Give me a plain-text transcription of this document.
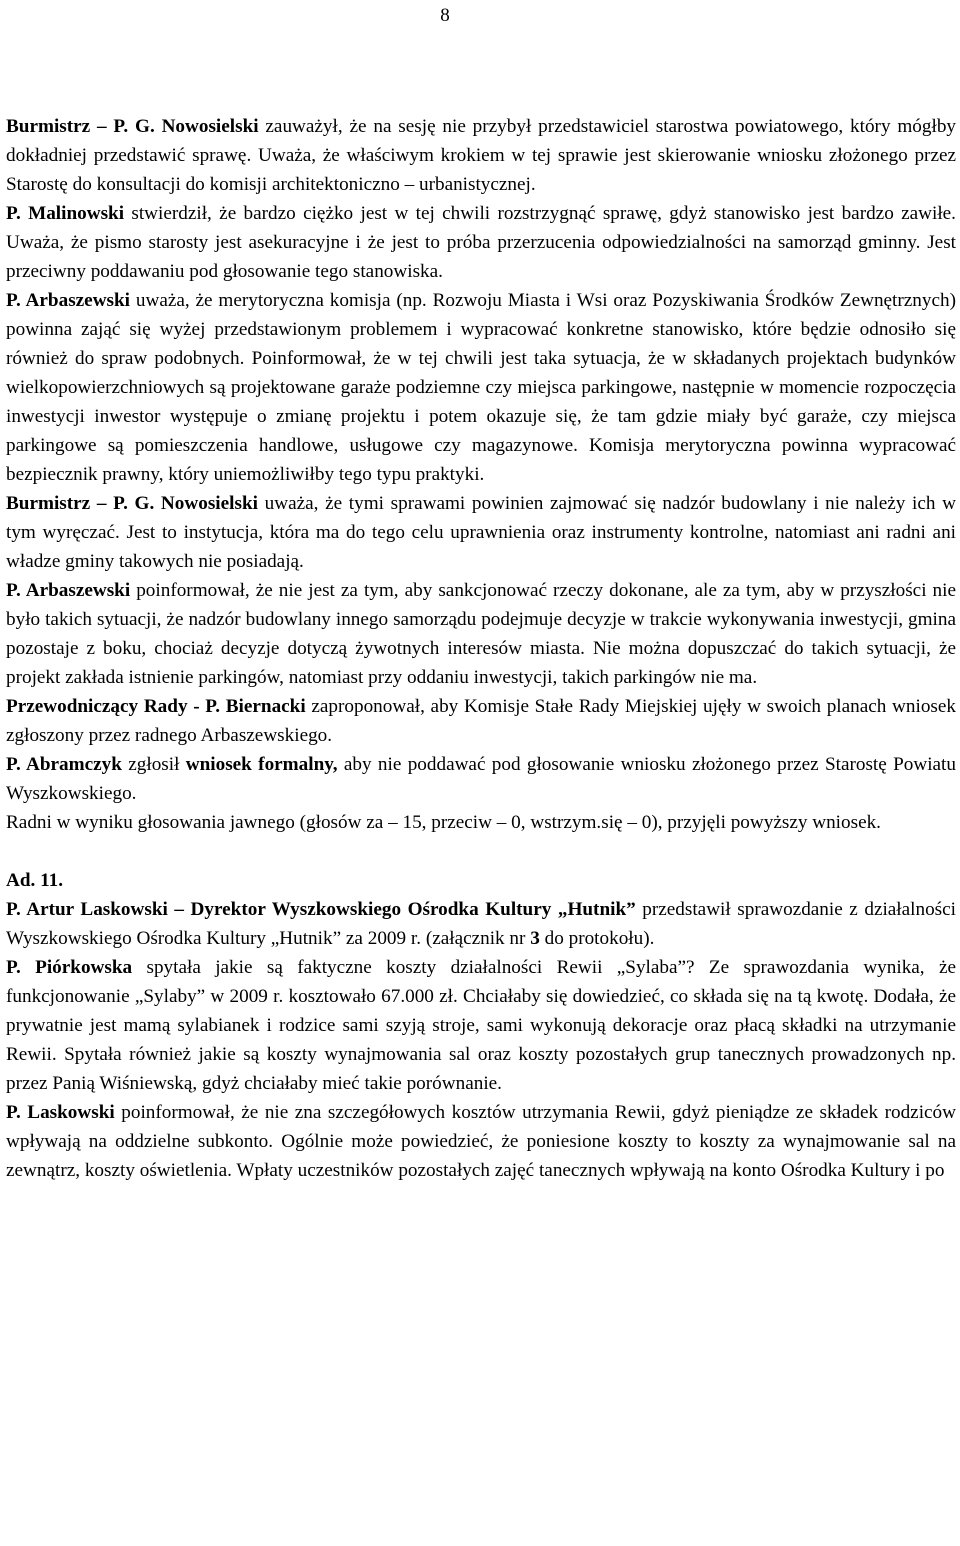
8

Burmistrz – P. G. Nowosielski zauważył, że na sesję nie przybył przedstawiciel starostwa powiatowego, który mógłby dokładniej przedstawić sprawę. Uważa, że właściwym krokiem w tej sprawie jest skierowanie wniosku złożonego przez Starostę do konsultacji do komisji architektoniczno – urbanistycznej.

P. Malinowski stwierdził, że bardzo ciężko jest w tej chwili rozstrzygnąć sprawę, gdyż stanowisko jest bardzo zawiłe. Uważa, że pismo starosty jest asekuracyjne i że jest to próba przerzucenia odpowiedzialności na samorząd gminny. Jest przeciwny poddawaniu pod głosowanie tego stanowiska.

P. Arbaszewski uważa, że merytoryczna komisja (np. Rozwoju Miasta i Wsi oraz Pozyskiwania Środków Zewnętrznych) powinna zająć się wyżej przedstawionym problemem i wypracować konkretne stanowisko, które będzie odnosiło się również do spraw podobnych. Poinformował, że w tej chwili jest taka sytuacja, że w składanych projektach budynków wielkopowierzchniowych są projektowane garaże podziemne czy miejsca parkingowe, następnie w momencie rozpoczęcia inwestycji inwestor występuje o zmianę projektu i potem okazuje się, że tam gdzie miały być garaże, czy miejsca parkingowe są pomieszczenia handlowe, usługowe czy magazynowe. Komisja merytoryczna powinna wypracować bezpiecznik prawny, który uniemożliwiłby tego typu praktyki.

Burmistrz – P. G. Nowosielski uważa, że tymi sprawami powinien zajmować się nadzór budowlany i nie należy ich w tym wyręczać. Jest to instytucja, która ma do tego celu uprawnienia oraz instrumenty kontrolne, natomiast ani radni ani władze gminy takowych nie posiadają.

P. Arbaszewski poinformował, że nie jest za tym, aby sankcjonować rzeczy dokonane, ale za tym, aby w przyszłości nie było takich sytuacji, że nadzór budowlany innego samorządu podejmuje decyzje w trakcie wykonywania inwestycji, gmina pozostaje z boku, chociaż decyzje dotyczą żywotnych interesów miasta. Nie można dopuszczać do takich sytuacji, że projekt zakłada istnienie parkingów, natomiast przy oddaniu inwestycji, takich parkingów nie ma.

Przewodniczący Rady - P. Biernacki zaproponował, aby Komisje Stałe Rady Miejskiej ujęły w swoich planach wniosek zgłoszony przez radnego Arbaszewskiego.

P. Abramczyk zgłosił wniosek formalny, aby nie poddawać pod głosowanie wniosku złożonego przez Starostę Powiatu Wyszkowskiego.

Radni w wyniku głosowania jawnego (głosów za – 15, przeciw – 0, wstrzym.się – 0), przyjęli powyższy wniosek.

Ad. 11.

P. Artur Laskowski – Dyrektor Wyszkowskiego Ośrodka Kultury „Hutnik” przedstawił sprawozdanie z działalności Wyszkowskiego Ośrodka Kultury „Hutnik” za 2009 r. (załącznik nr 3 do protokołu).

P. Piórkowska spytała jakie są faktyczne koszty działalności Rewii „Sylaba”? Ze sprawozdania wynika, że funkcjonowanie „Sylaby” w 2009 r. kosztowało 67.000 zł. Chciałaby się dowiedzieć, co składa się na tą kwotę. Dodała, że prywatnie jest mamą sylabianek i rodzice sami szyją stroje, sami wykonują dekoracje oraz płacą składki na utrzymanie Rewii. Spytała również jakie są koszty wynajmowania sal oraz koszty pozostałych grup tanecznych prowadzonych np. przez Panią Wiśniewską, gdyż chciałaby mieć takie porównanie.

P. Laskowski poinformował, że nie zna szczegółowych kosztów utrzymania Rewii, gdyż pieniądze ze składek rodziców wpływają na oddzielne subkonto. Ogólnie może powiedzieć, że poniesione koszty to koszty za wynajmowanie sal na zewnątrz, koszty oświetlenia. Wpłaty uczestników pozostałych zajęć tanecznych wpływają na konto Ośrodka Kultury i po
